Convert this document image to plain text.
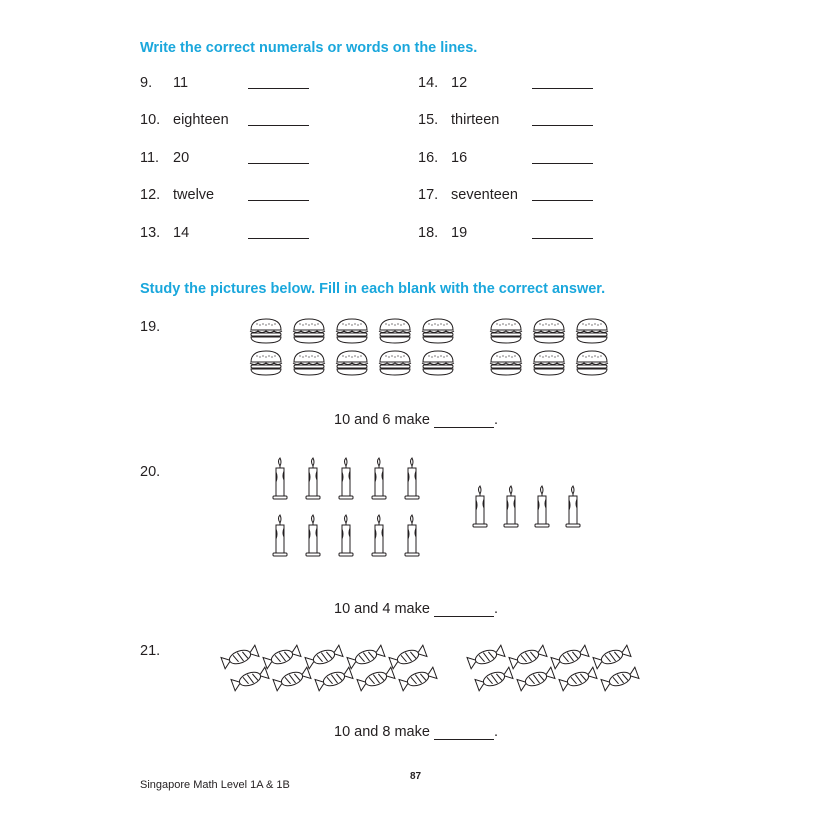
Write the correct numerals or words on the lines.
9. 11
10. eighteen
11. 20
12. twelve
13. 14
14. 12
15. thirteen
16. 16
17. seventeen
18. 19
Study the pictures below. Fill in each blank with the correct answer.
19.
10 and 6 make	.
20.
10 and 4 make	.
21.
10 and 8 make	.
87
Singapore Math Level 1A & 1B
